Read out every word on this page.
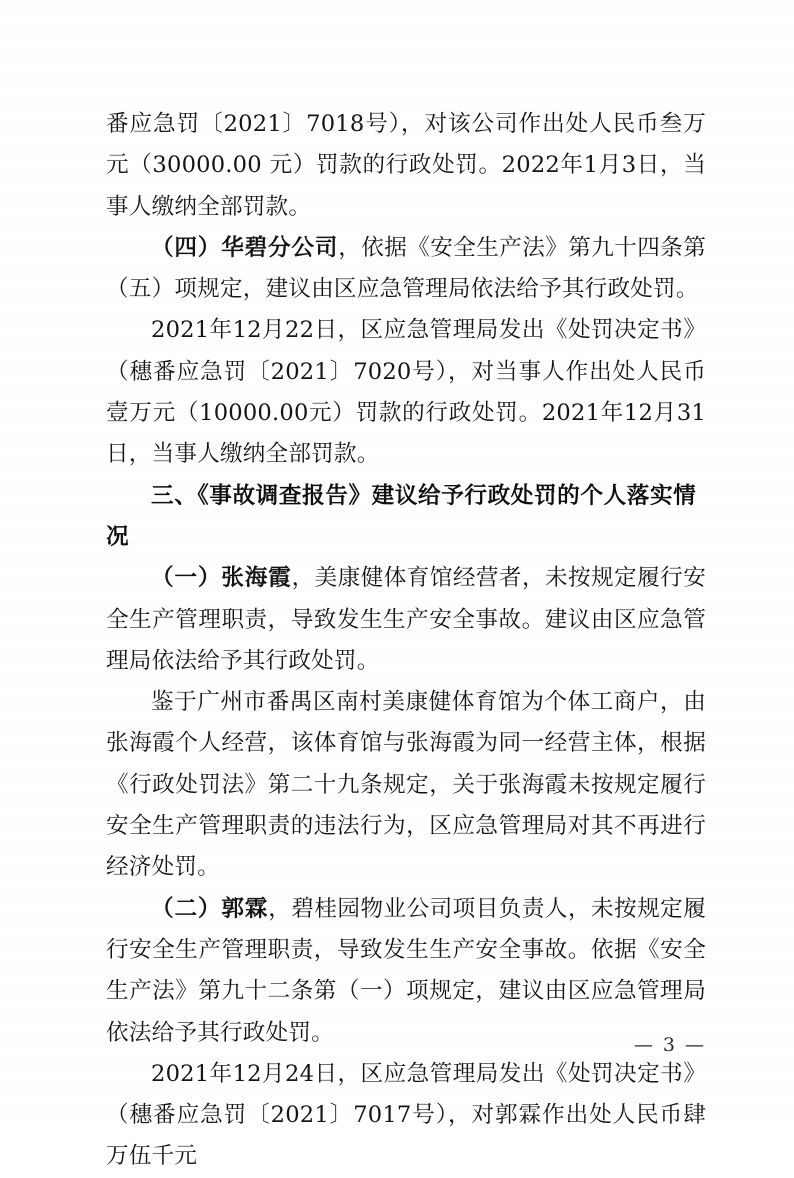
番应急罚〔2021〕7018号），对该公司作出处人民币叁万元（30000.00 元）罚款的行政处罚。2022年1月3日，当事人缴纳全部罚款。

（四）华碧分公司，依据《安全生产法》第九十四条第（五）项规定，建议由区应急管理局依法给予其行政处罚。

2021年12月22日，区应急管理局发出《处罚决定书》（穗番应急罚〔2021〕7020号），对当事人作出处人民币壹万元（10000.00元）罚款的行政处罚。2021年12月31日，当事人缴纳全部罚款。

三、《事故调查报告》建议给予行政处罚的个人落实情况

（一）张海霞，美康健体育馆经营者，未按规定履行安全生产管理职责，导致发生生产安全事故。建议由区应急管理局依法给予其行政处罚。

鉴于广州市番禺区南村美康健体育馆为个体工商户，由张海霞个人经营，该体育馆与张海霞为同一经营主体，根据《行政处罚法》第二十九条规定，关于张海霞未按规定履行安全生产管理职责的违法行为，区应急管理局对其不再进行经济处罚。

（二）郭霖，碧桂园物业公司项目负责人，未按规定履行安全生产管理职责，导致发生生产安全事故。依据《安全生产法》第九十二条第（一）项规定，建议由区应急管理局依法给予其行政处罚。

2021年12月24日，区应急管理局发出《处罚决定书》（穗番应急罚〔2021〕7017号），对郭霖作出处人民币肆万伍千元

— 3 —
